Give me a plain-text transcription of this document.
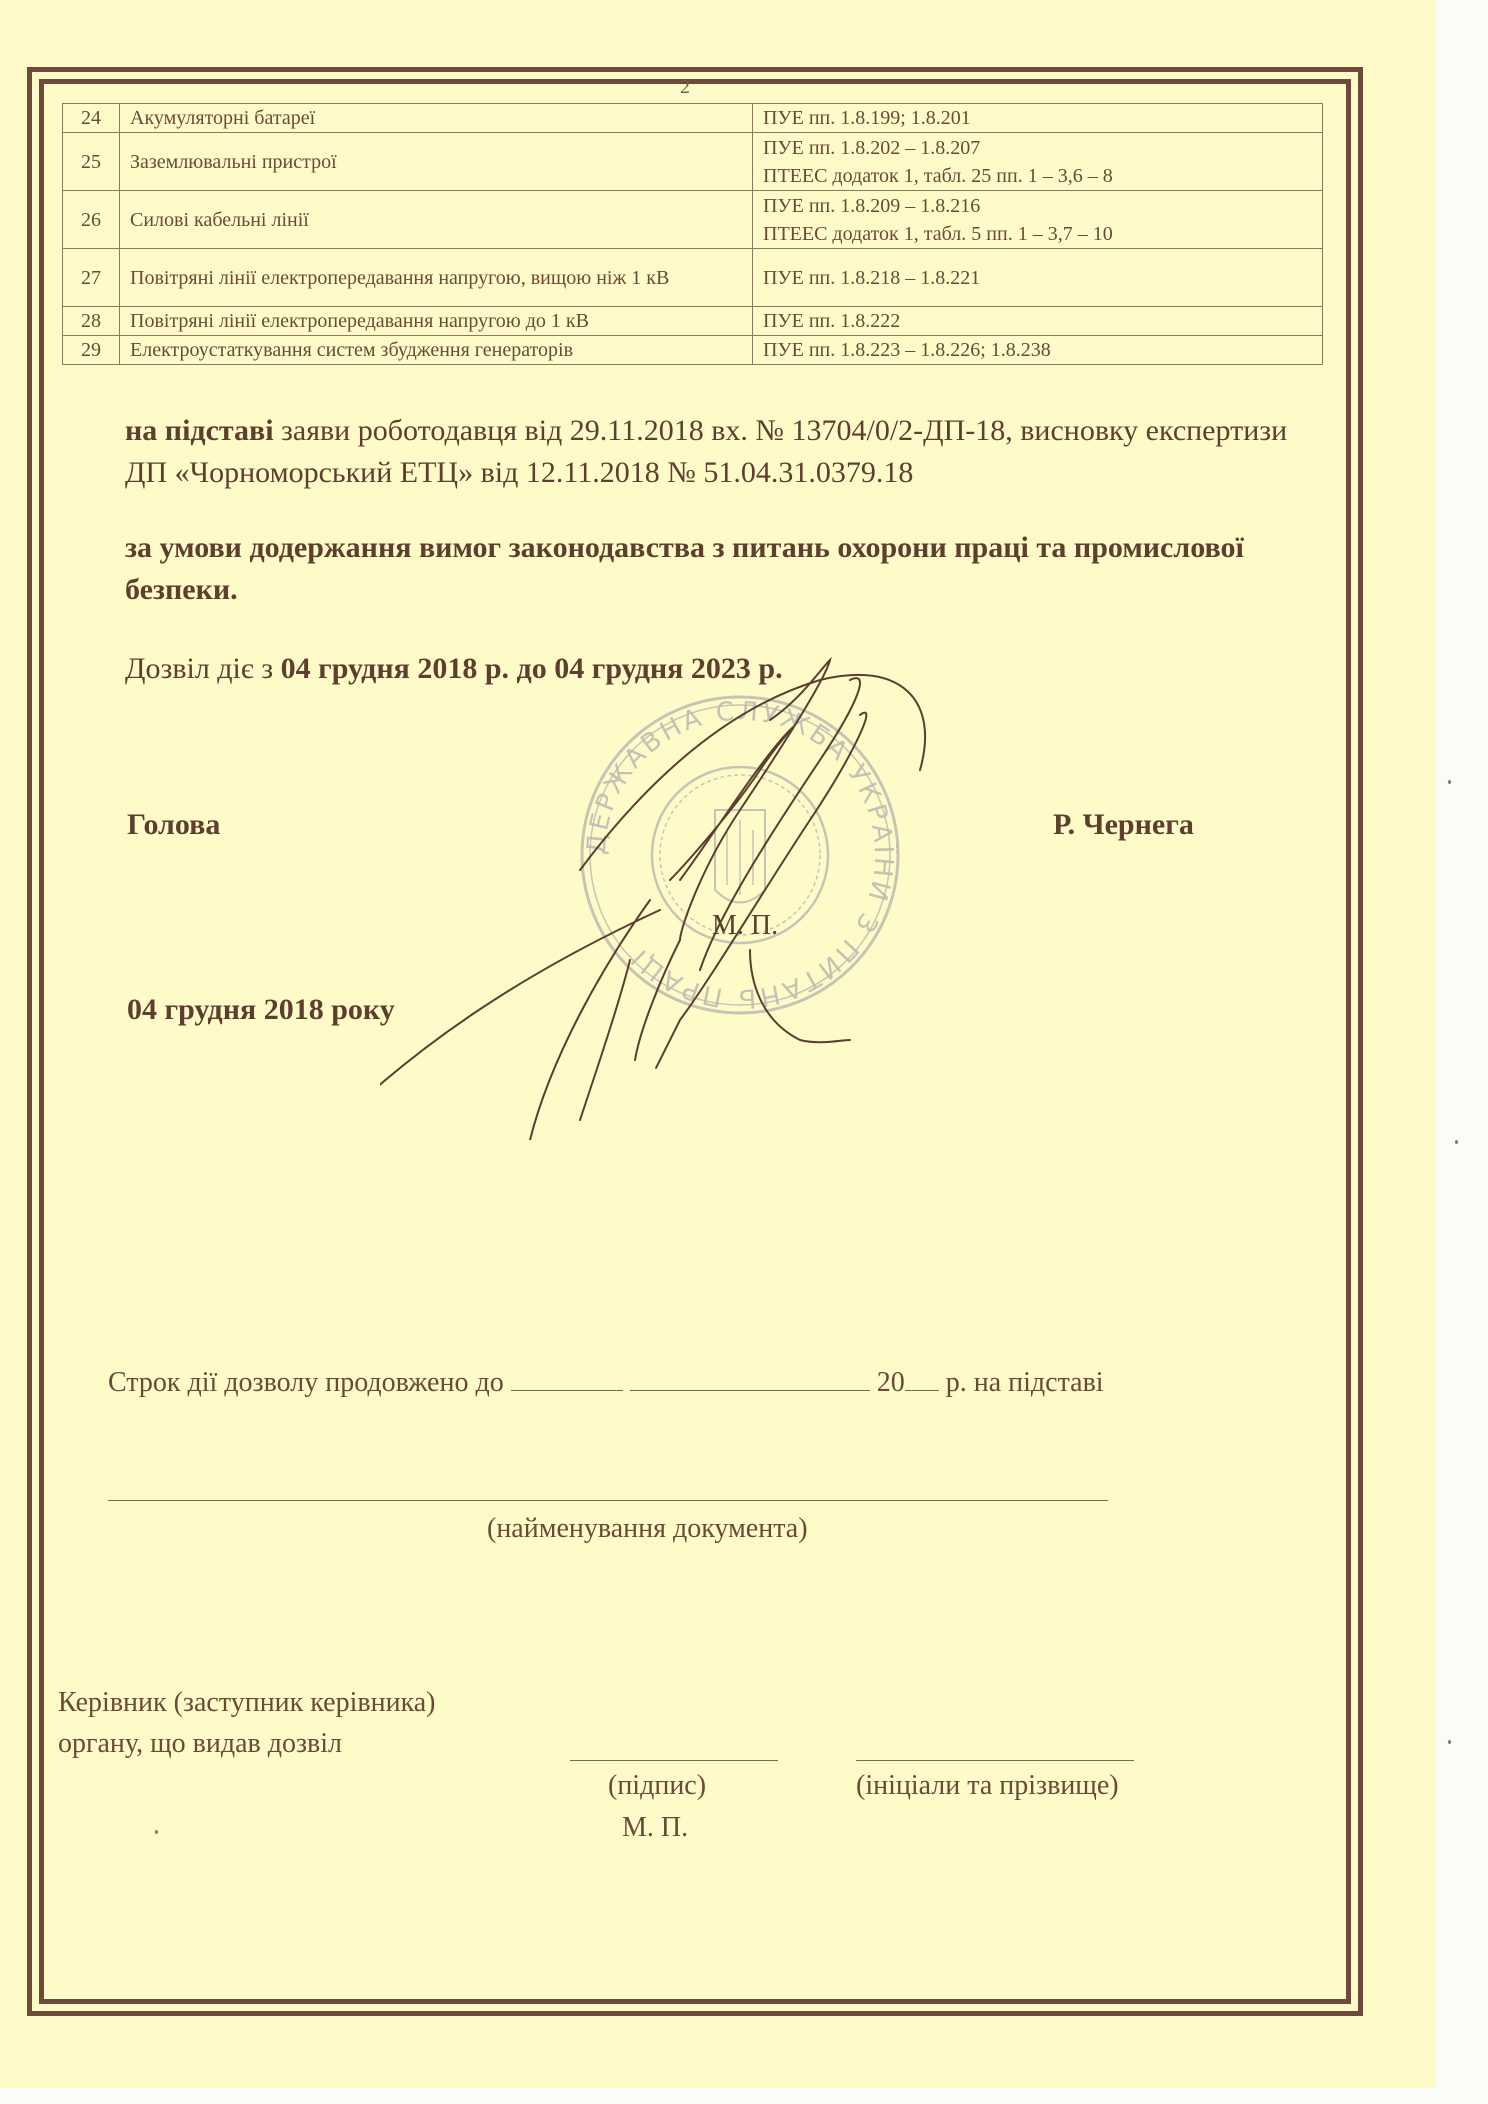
2
24	Акумуляторні батареї	ПУЕ пп. 1.8.199; 1.8.201

25	Заземлювальні пристрої	ПУЕ пп. 1.8.202 – 1.8.207
ПТЕЕС додаток 1, табл. 25 пп. 1 – 3,6 – 8

26	Силові кабельні лінії	ПУЕ пп. 1.8.209 – 1.8.216
ПТЕЕС додаток 1, табл. 5 пп. 1 – 3,7 – 10

27	Повітряні лінії електропередавання напругою, вищою ніж 1 кВ	ПУЕ пп. 1.8.218 – 1.8.221

28	Повітряні лінії електропередавання напругою до 1 кВ	ПУЕ пп. 1.8.222

29	Електроустаткування систем збудження генераторів	ПУЕ пп. 1.8.223 – 1.8.226; 1.8.238
на підставі заяви роботодавця від 29.11.2018 вх. № 13704/0/2-ДП-18, висновку експертизи ДП «Чорноморський ЕТЦ» від 12.11.2018 № 51.04.31.0379.18
за умови додержання вимог законодавства з питань охорони праці та промислової безпеки.
Дозвіл діє з 04 грудня 2018 р. до 04 грудня 2023 р.
ДЕРЖАВНА СЛУЖБА УКРАЇНИ З ПИТАНЬ ПРАЦІ
Голова	Р. Чернега
М. П.
04 грудня 2018 року
Строк дії дозволу продовжено до	20 р. на підставі
(найменування документа)
Керівник (заступник керівника)
органу, що видав дозвіл
(підпис)	(ініціали та прізвище)
М. П.
